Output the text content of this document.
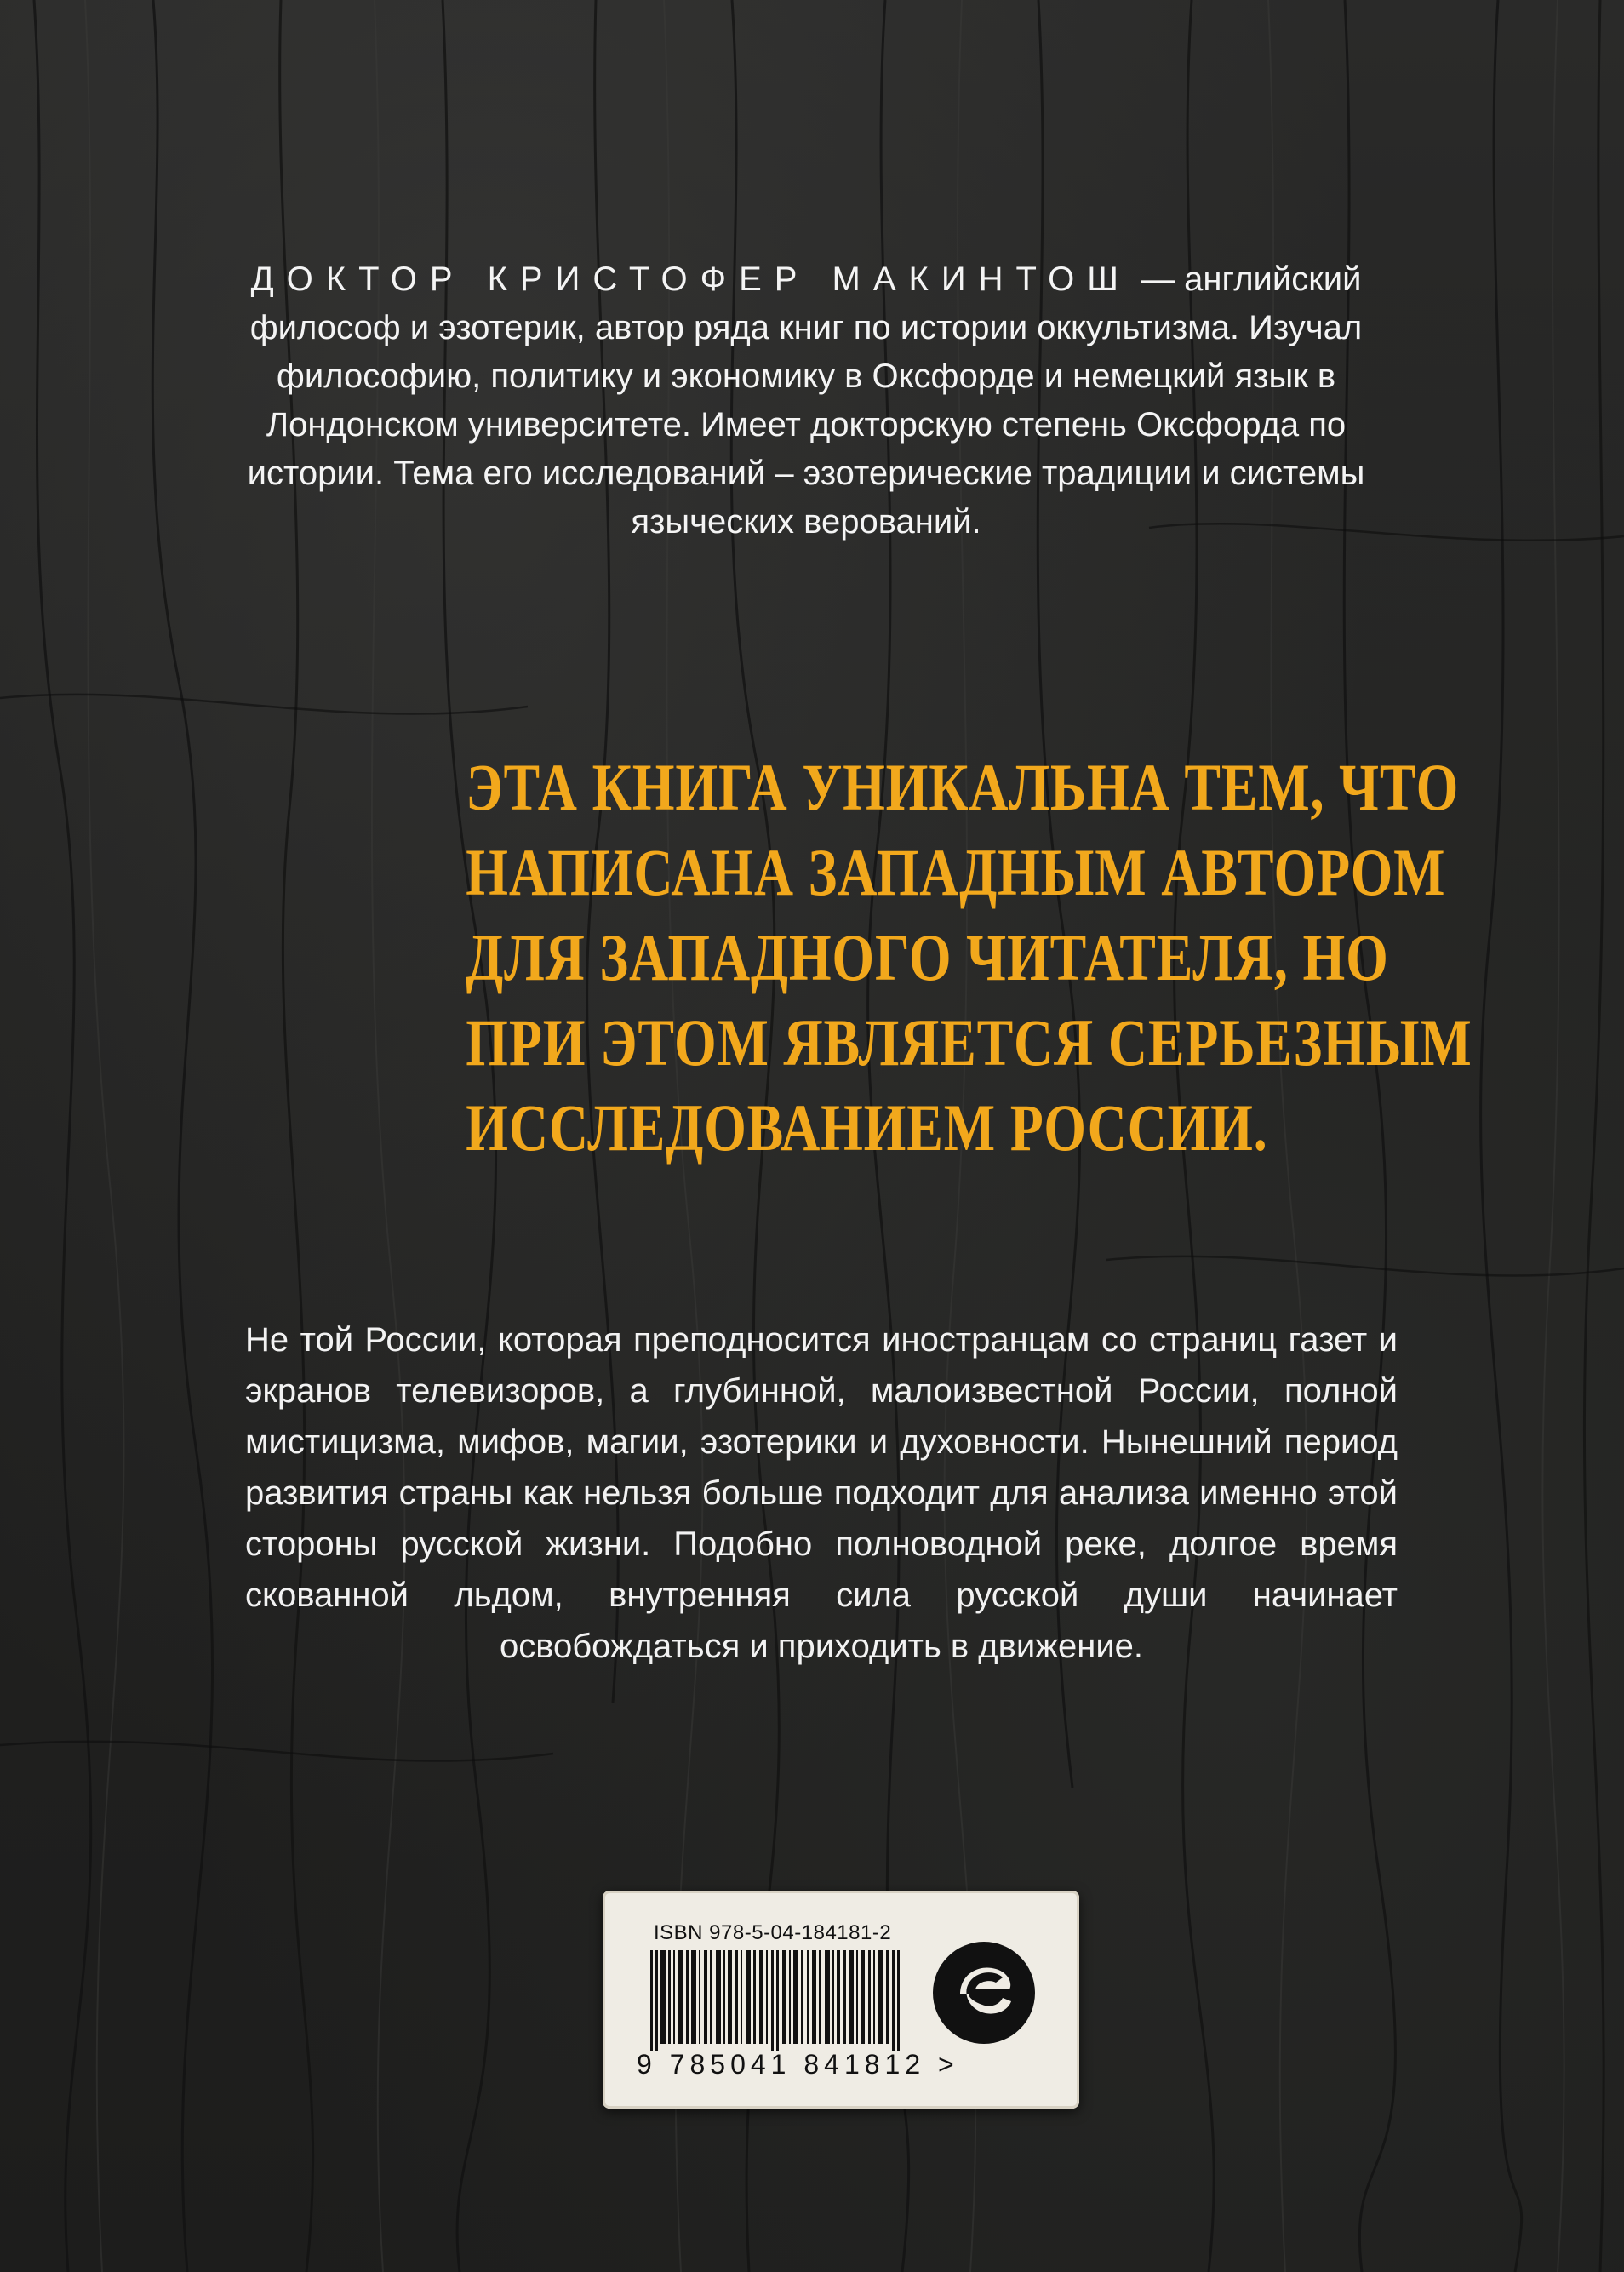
ДОКТОР КРИСТОФЕР МАКИНТОШ — английский философ и эзотерик, автор ряда книг по истории оккультизма. Изучал философию, политику и экономику в Оксфорде и немецкий язык в Лондонском университете. Имеет докторскую степень Оксфорда по истории. Тема его исследований – эзотерические традиции и системы языческих верований.
ЭТА КНИГА УНИКАЛЬНА ТЕМ, ЧТО
НАПИСАНА ЗАПАДНЫМ АВТОРОМ
ДЛЯ ЗАПАДНОГО ЧИТАТЕЛЯ, НО
ПРИ ЭТОМ ЯВЛЯЕТСЯ СЕРЬЕЗНЫМ
ИССЛЕДОВАНИЕМ РОССИИ.
Не той России, которая преподносится иностранцам со страниц газет и экранов телевизоров, а глубинной, малоизвестной России, полной мистицизма, мифов, магии, эзотерики и духовности. Нынешний период развития страны как нельзя больше подходит для анализа именно этой стороны русской жизни. Подобно полноводной реке, долгое время скованной льдом, внутренняя сила русской души начинает освобождаться и приходить в движение.
ISBN 978-5-04-184181-2
9 785041 841812 >
